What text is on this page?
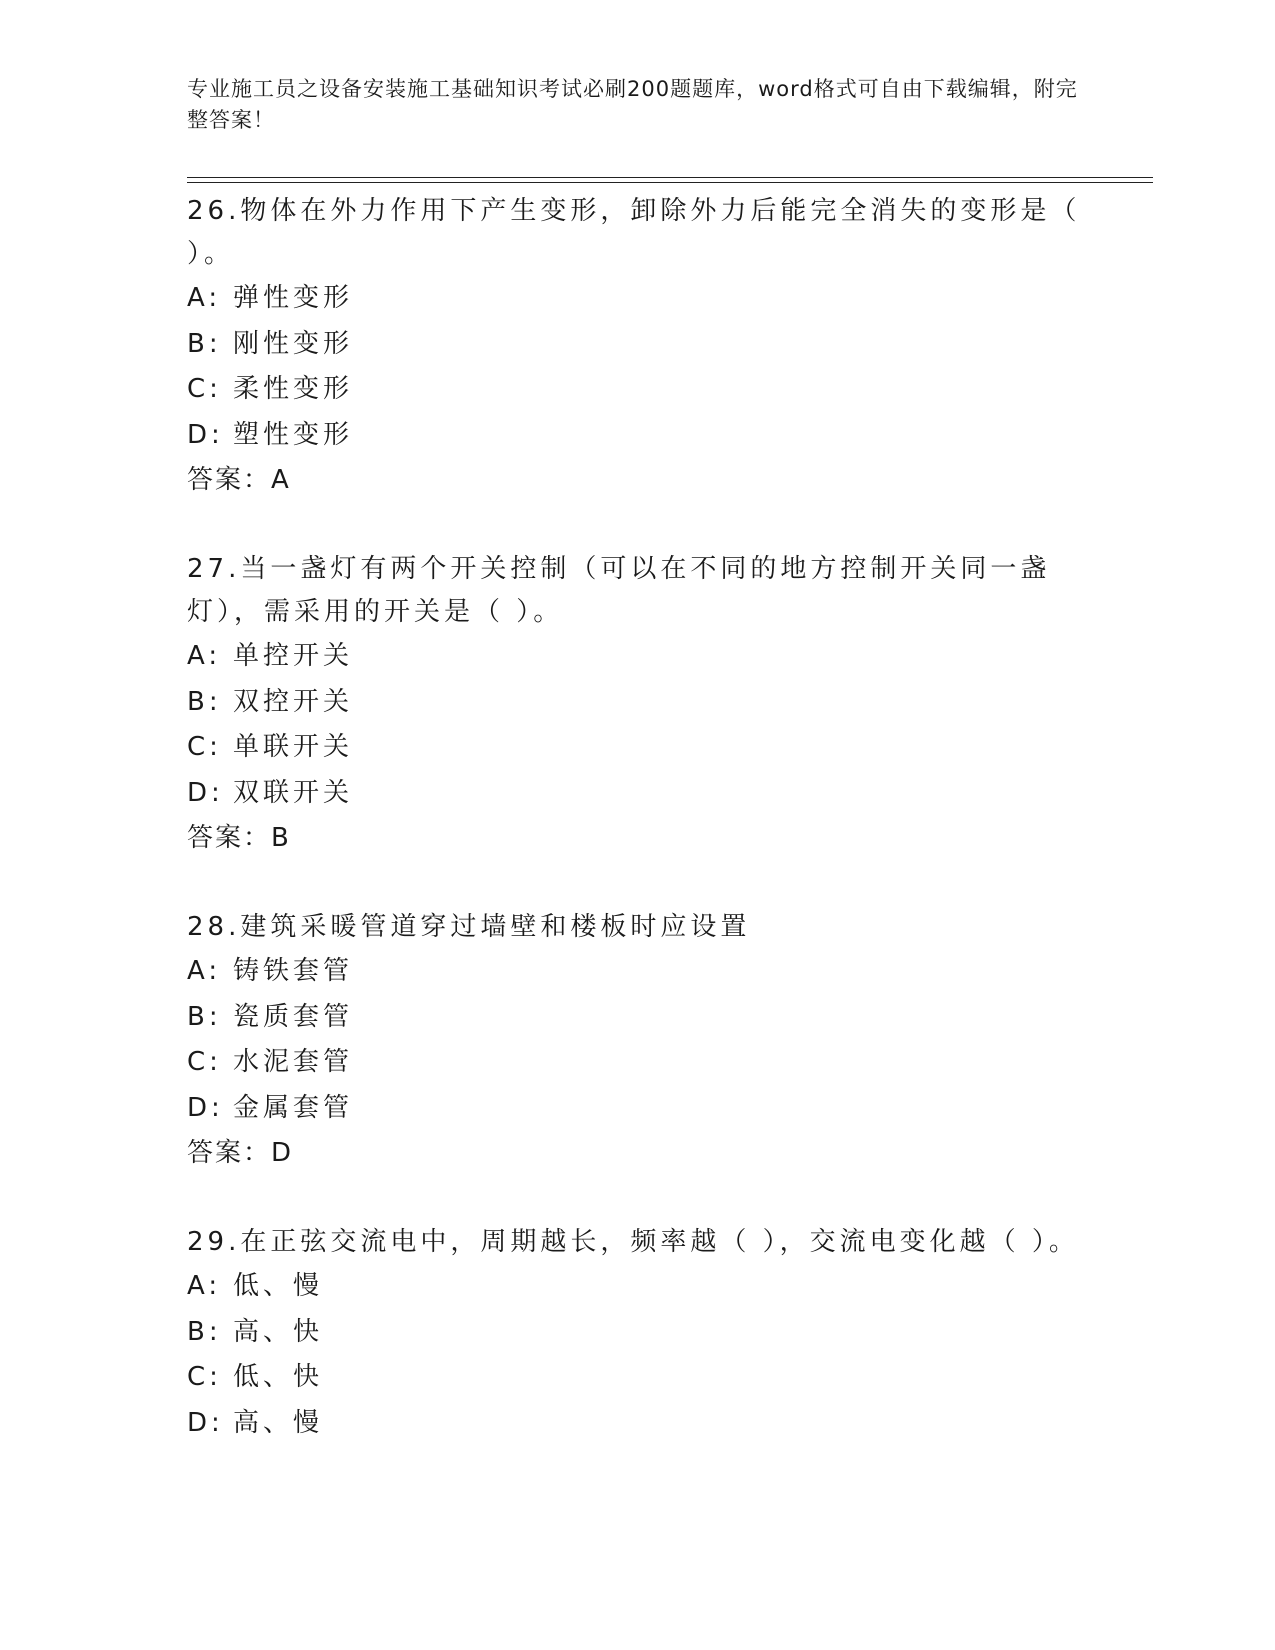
专业施工员之设备安装施工基础知识考试必刷200题题库，word格式可自由下载编辑，附完整答案！

26.物体在外力作用下产生变形，卸除外力后能完全消失的变形是（ ）。

A: 弹性变形

B: 刚性变形

C: 柔性变形

D: 塑性变形

答案：A

27.当一盏灯有两个开关控制（可以在不同的地方控制开关同一盏灯），需采用的开关是（ ）。

A: 单控开关

B: 双控开关

C: 单联开关

D: 双联开关

答案：B

28.建筑采暖管道穿过墙壁和楼板时应设置

A: 铸铁套管

B: 瓷质套管

C: 水泥套管

D: 金属套管

答案：D

29.在正弦交流电中，周期越长，频率越（ ），交流电变化越（ ）。

A: 低、慢

B: 高、快

C: 低、快

D: 高、慢
